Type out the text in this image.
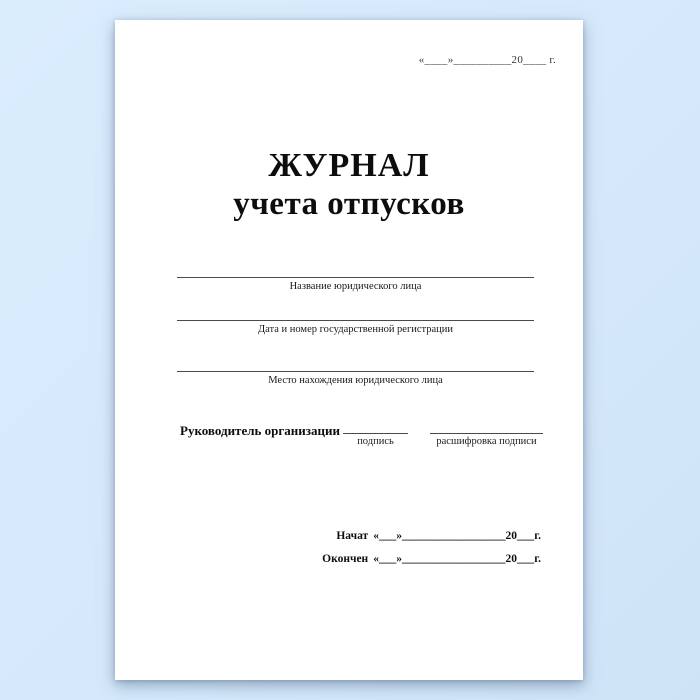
«____»__________20____ г.
ЖУРНАЛ
учета отпусков
Название юридического лица
Дата и номер государственной регистрации
Место нахождения юридического лица
Руководитель организации
подпись	расшифровка подписи
Начат «___»__________________20___г.
Окончен «___»__________________20___г.
